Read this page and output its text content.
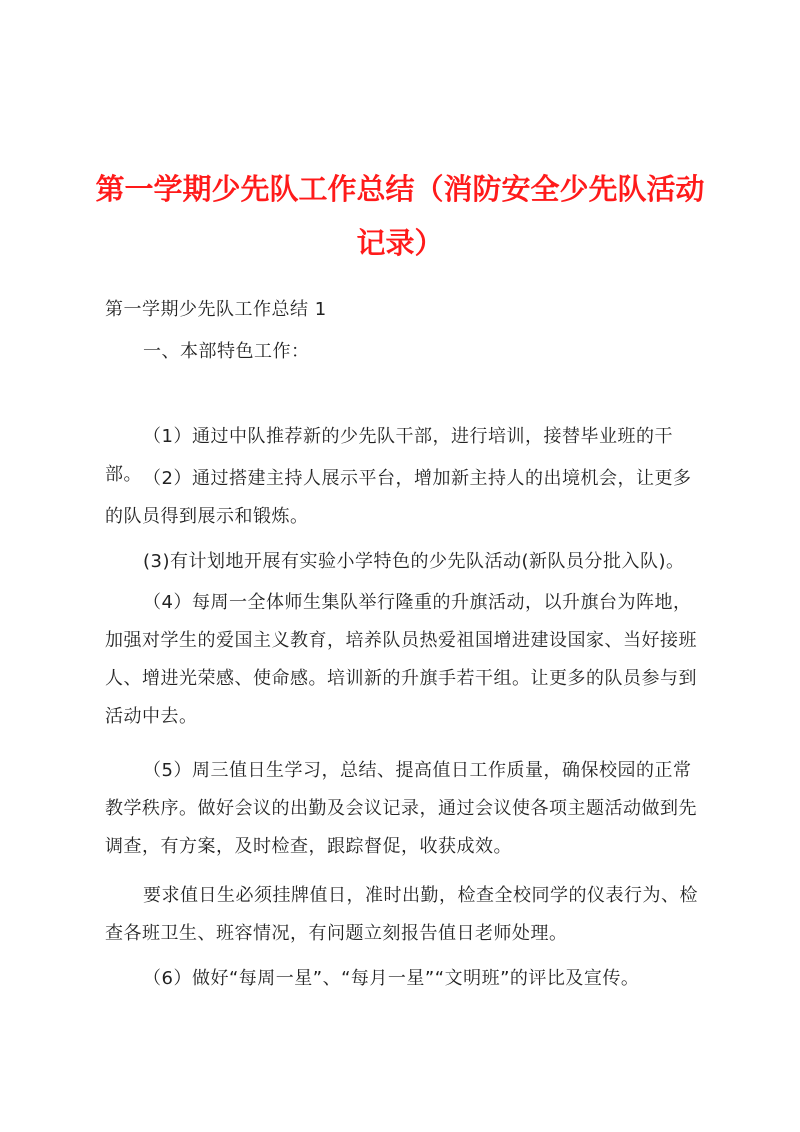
第一学期少先队工作总结（消防安全少先队活动记录）
第一学期少先队工作总结 1
一、本部特色工作：
（1）通过中队推荐新的少先队干部，进行培训，接替毕业班的干部。 （2）通过搭建主持人展示平台，增加新主持人的出境机会，让更多的队员得到展示和锻炼。
(3)有计划地开展有实验小学特色的少先队活动(新队员分批入队)。
（4）每周一全体师生集队举行隆重的升旗活动，以升旗台为阵地，加强对学生的爱国主义教育，培养队员热爱祖国增进建设国家、当好接班人、增进光荣感、使命感。培训新的升旗手若干组。让更多的队员参与到活动中去。
（5）周三值日生学习，总结、提高值日工作质量，确保校园的正常教学秩序。做好会议的出勤及会议记录，通过会议使各项主题活动做到先调查，有方案，及时检查，跟踪督促，收获成效。
要求值日生必须挂牌值日，准时出勤，检查全校同学的仪表行为、检查各班卫生、班容情况，有问题立刻报告值日老师处理。
（6）做好“每周一星”、“每月一星”“文明班”的评比及宣传。
